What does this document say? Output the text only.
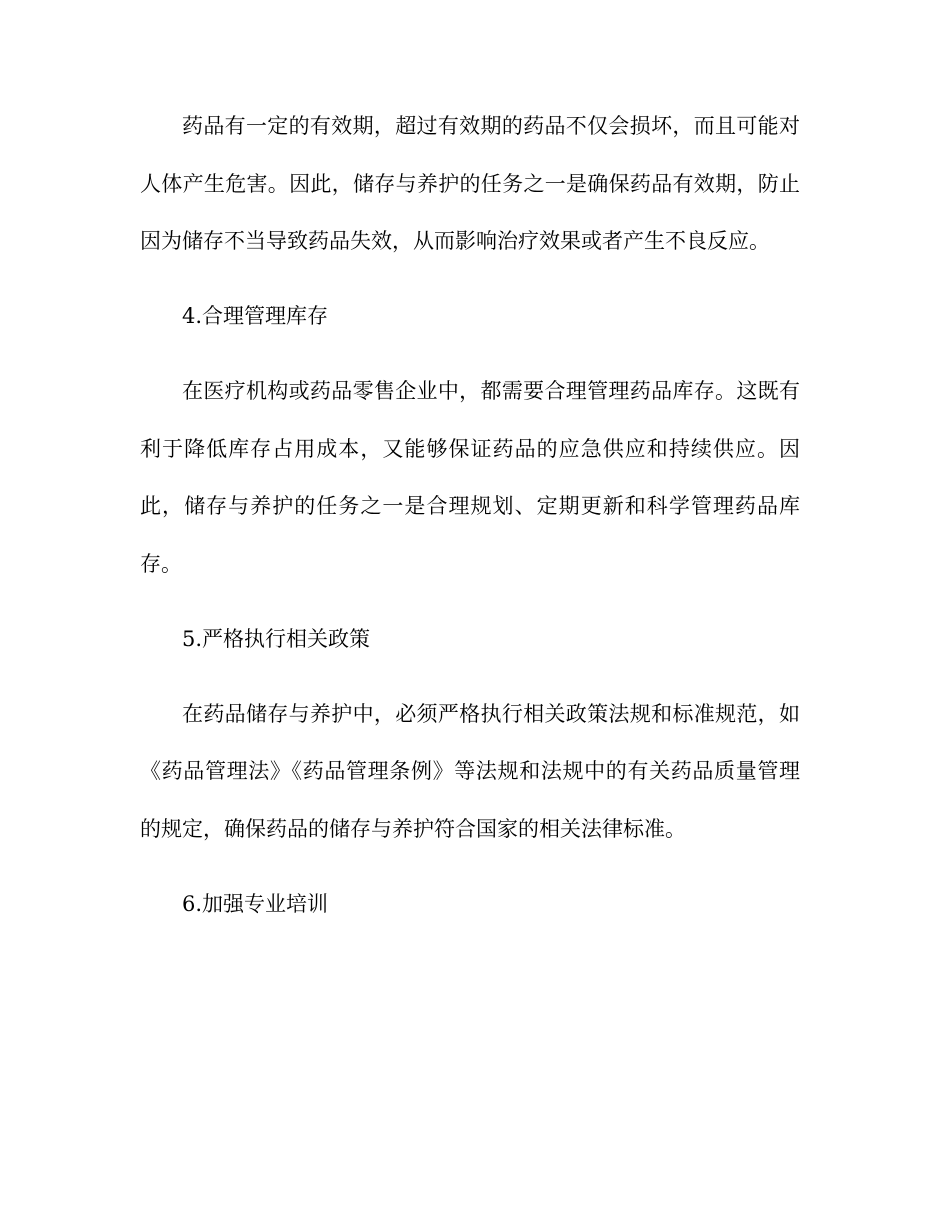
药品有一定的有效期，超过有效期的药品不仅会损坏，而且可能对人体产生危害。因此，储存与养护的任务之一是确保药品有效期，防止因为储存不当导致药品失效，从而影响治疗效果或者产生不良反应。

4.合理管理库存

在医疗机构或药品零售企业中，都需要合理管理药品库存。这既有利于降低库存占用成本，又能够保证药品的应急供应和持续供应。因此，储存与养护的任务之一是合理规划、定期更新和科学管理药品库存。

5.严格执行相关政策

在药品储存与养护中，必须严格执行相关政策法规和标准规范，如《药品管理法》《药品管理条例》等法规和法规中的有关药品质量管理的规定，确保药品的储存与养护符合国家的相关法律标准。

6.加强专业培训
